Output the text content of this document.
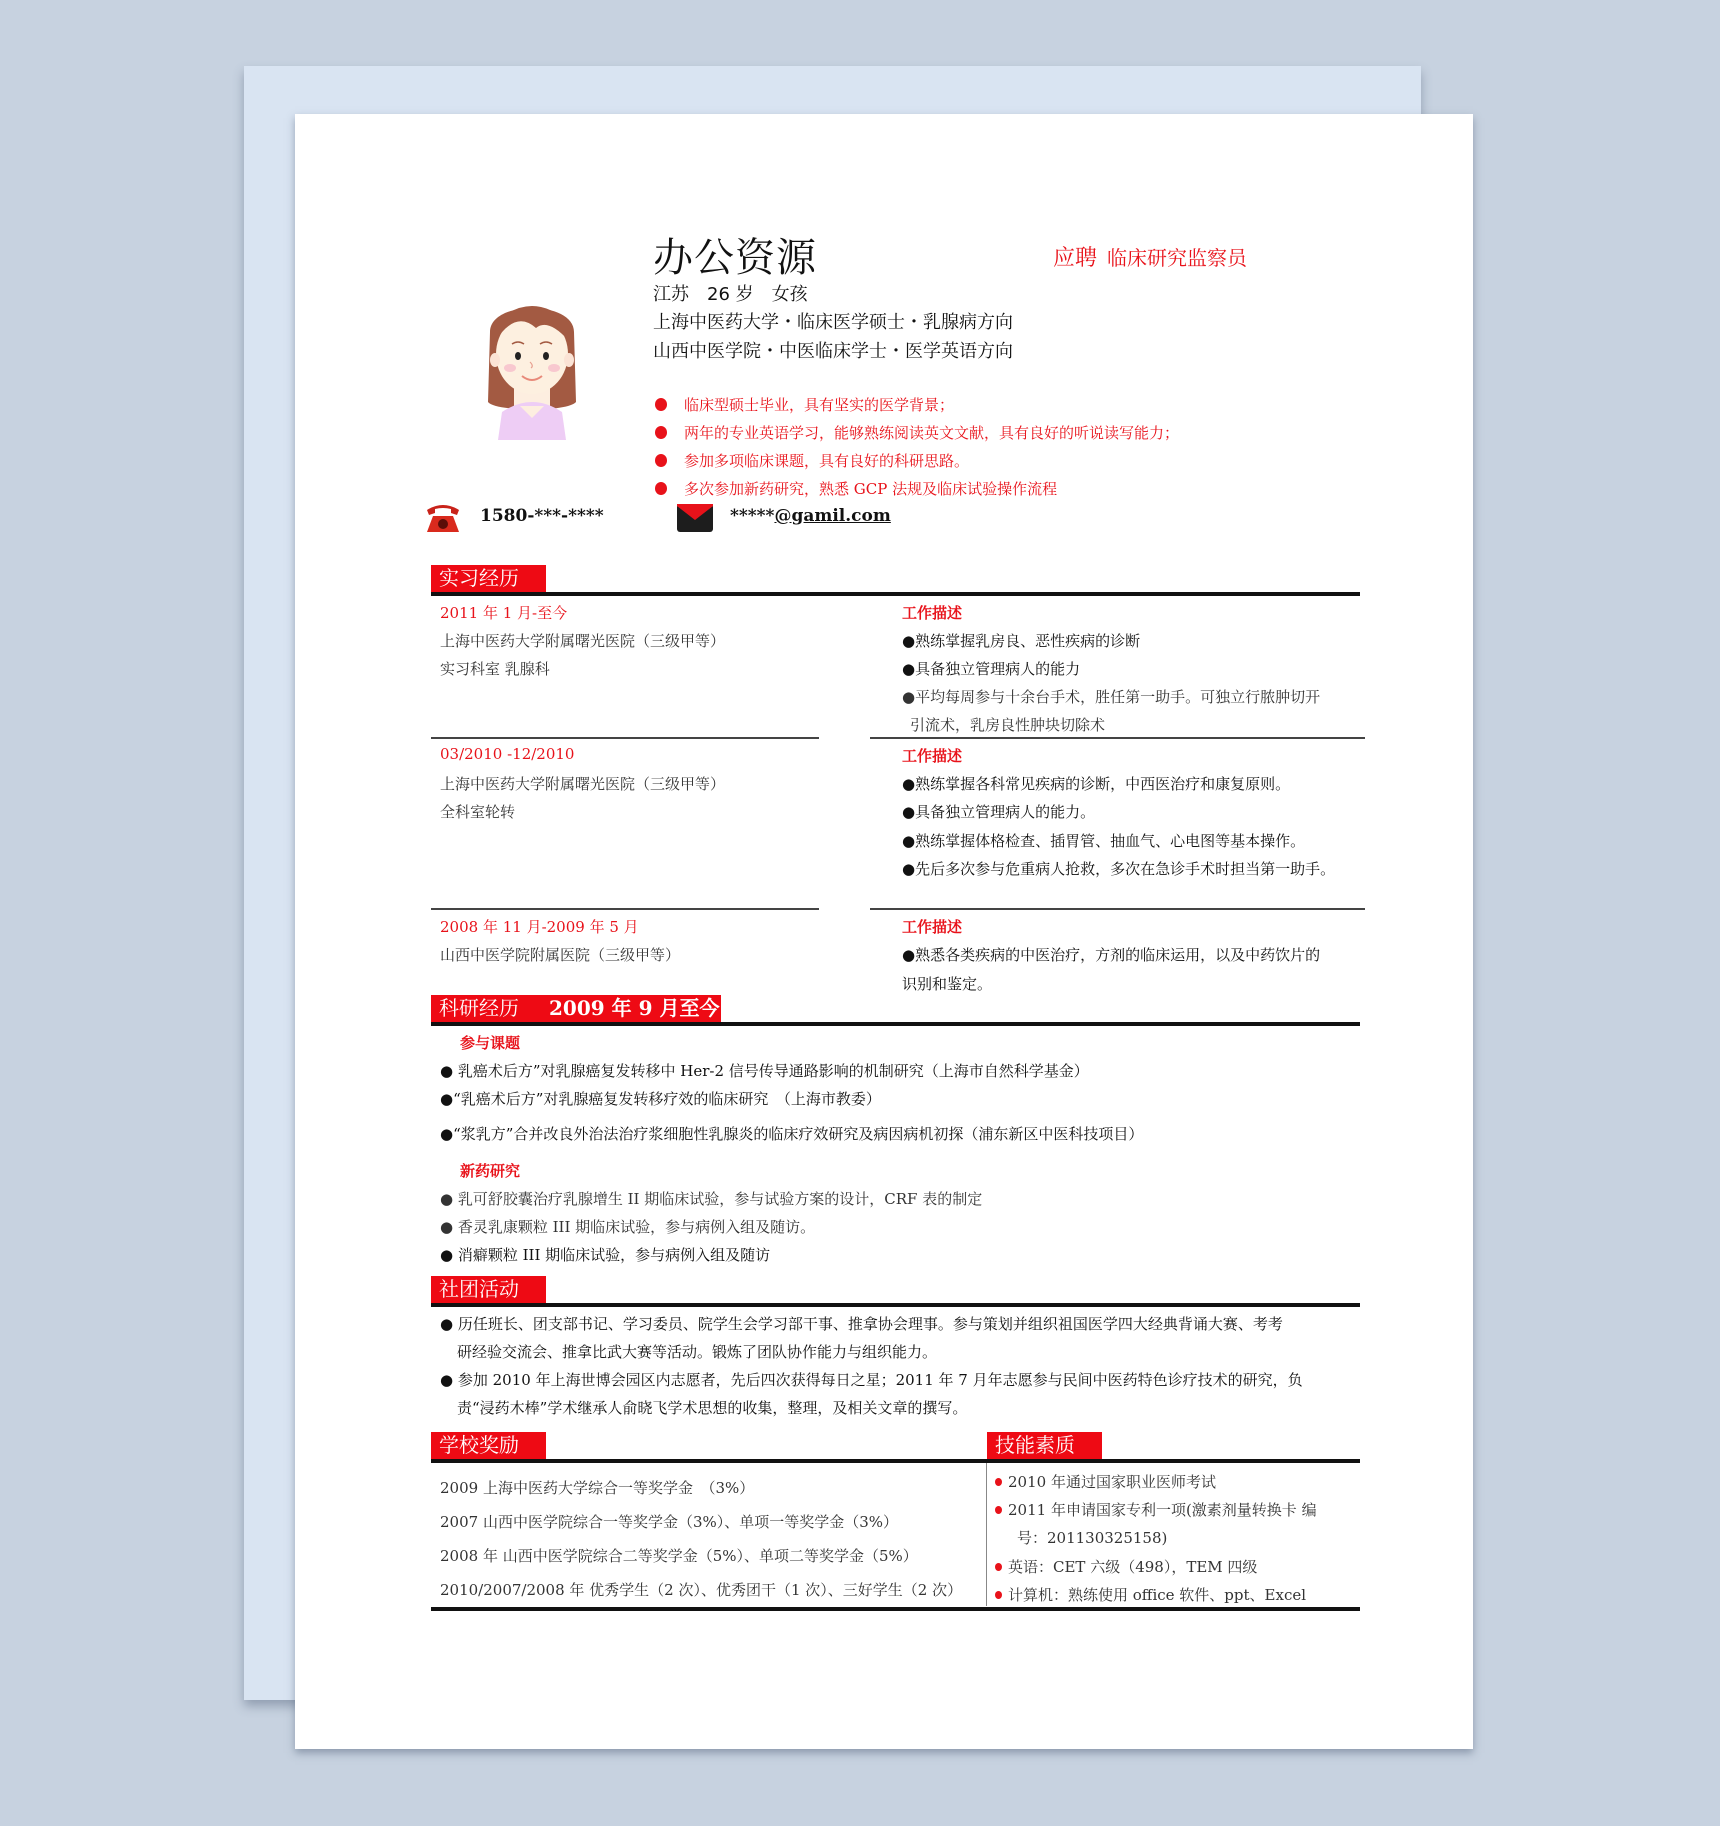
办公资源	应聘 临床研究监察员
江苏　26 岁　女孩
上海中医药大学・临床医学硕士・乳腺病方向
山西中医学院・中医临床学士・医学英语方向
临床型硕士毕业，具有坚实的医学背景；
两年的专业英语学习，能够熟练阅读英文文献，具有良好的听说读写能力；
参加多项临床课题，具有良好的科研思路。
多次参加新药研究，熟悉 GCP 法规及临床试验操作流程
1580-***-****	*****@gamil.com
实习经历
2011 年 1 月-至今
上海中医药大学附属曙光医院（三级甲等）
实习科室 乳腺科
工作描述
●熟练掌握乳房良、恶性疾病的诊断
●具备独立管理病人的能力
●平均每周参与十余台手术，胜任第一助手。可独立行脓肿切开
引流术，乳房良性肿块切除术
03/2010 -12/2010
上海中医药大学附属曙光医院（三级甲等）
全科室轮转
工作描述
●熟练掌握各科常见疾病的诊断，中西医治疗和康复原则。
●具备独立管理病人的能力。
●熟练掌握体格检查、插胃管、抽血气、心电图等基本操作。
●先后多次参与危重病人抢救，多次在急诊手术时担当第一助手。
2008 年 11 月-2009 年 5 月
山西中医学院附属医院（三级甲等）
工作描述
●熟悉各类疾病的中医治疗，方剂的临床运用，以及中药饮片的
识别和鉴定。
科研经历 2009 年 9 月至今
参与课题
● 乳癌术后方”对乳腺癌复发转移中 Her-2 信号传导通路影响的机制研究（上海市自然科学基金）
●“乳癌术后方”对乳腺癌复发转移疗效的临床研究　（上海市教委）
●“浆乳方”合并改良外治法治疗浆细胞性乳腺炎的临床疗效研究及病因病机初探（浦东新区中医科技项目）
新药研究
● 乳可舒胶囊治疗乳腺增生 II 期临床试验，参与试验方案的设计，CRF 表的制定
● 香灵乳康颗粒 III 期临床试验，参与病例入组及随访。
● 消癖颗粒 III 期临床试验，参与病例入组及随访
社团活动
● 历任班长、团支部书记、学习委员、院学生会学习部干事、推拿协会理事。参与策划并组织祖国医学四大经典背诵大赛、考考
研经验交流会、推拿比武大赛等活动。锻炼了团队协作能力与组织能力。
● 参加 2010 年上海世博会园区内志愿者，先后四次获得每日之星；2011 年 7 月年志愿参与民间中医药特色诊疗技术的研究，负
责“浸药木棒”学术继承人俞晓飞学术思想的收集，整理，及相关文章的撰写。
学校奖励
2009 上海中医药大学综合一等奖学金　（3%）
2007 山西中医学院综合一等奖学金（3%）、单项一等奖学金（3%）
2008 年 山西中医学院综合二等奖学金（5%）、单项二等奖学金（5%）
2010/2007/2008 年 优秀学生（2 次）、优秀团干（1 次）、三好学生（2 次）
技能素质
2010 年通过国家职业医师考试
2011 年申请国家专利一项(激素剂量转换卡 编
号：201130325158)
英语：CET 六级（498），TEM 四级
计算机：熟练使用 office 软件、ppt、Excel
